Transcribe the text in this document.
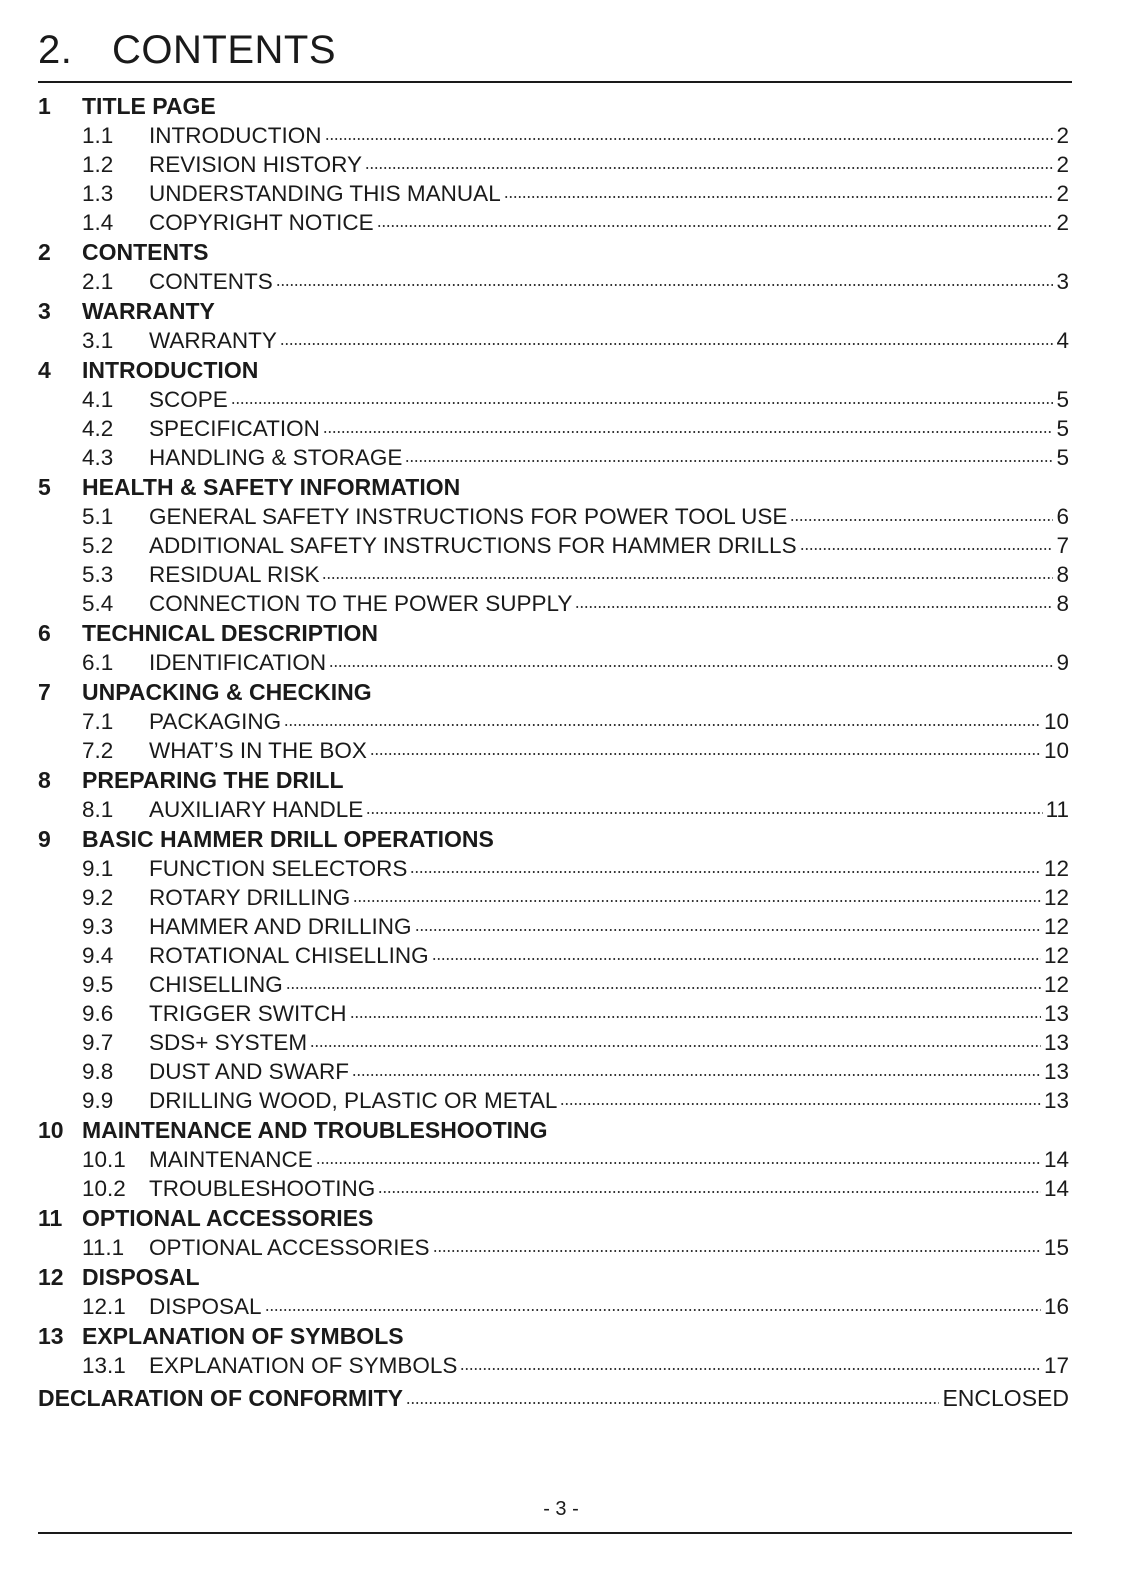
2. CONTENTS
1	TITLE PAGE
1.1	INTRODUCTION	2
1.2	REVISION HISTORY	2
1.3	UNDERSTANDING THIS MANUAL	2
1.4	COPYRIGHT NOTICE	2
2	CONTENTS
2.1	CONTENTS	3
3	WARRANTY
3.1	WARRANTY	4
4	INTRODUCTION
4.1	SCOPE	5
4.2	SPECIFICATION	5
4.3	HANDLING & STORAGE	5
5	HEALTH & SAFETY INFORMATION
5.1	GENERAL SAFETY INSTRUCTIONS FOR POWER TOOL USE	6
5.2	ADDITIONAL SAFETY INSTRUCTIONS FOR HAMMER DRILLS	7
5.3	RESIDUAL RISK	8
5.4	CONNECTION TO THE POWER SUPPLY	8
6	TECHNICAL DESCRIPTION
6.1	IDENTIFICATION	9
7	UNPACKING & CHECKING
7.1	PACKAGING	10
7.2	WHAT’S IN THE BOX	10
8	PREPARING THE DRILL
8.1	AUXILIARY HANDLE	11
9	BASIC HAMMER DRILL OPERATIONS
9.1	FUNCTION SELECTORS	12
9.2	ROTARY DRILLING	12
9.3	HAMMER AND DRILLING	12
9.4	ROTATIONAL CHISELLING	12
9.5	CHISELLING	12
9.6	TRIGGER SWITCH	13
9.7	SDS+ SYSTEM	13
9.8	DUST AND SWARF	13
9.9	DRILLING WOOD, PLASTIC OR METAL	13
10 MAINTENANCE AND TROUBLESHOOTING
10.1	MAINTENANCE	14
10.2	TROUBLESHOOTING	14
11 OPTIONAL ACCESSORIES
11.1	OPTIONAL ACCESSORIES	15
12 DISPOSAL
12.1	DISPOSAL	16
13 EXPLANATION OF SYMBOLS
13.1	EXPLANATION OF SYMBOLS	17
DECLARATION OF CONFORMITY	ENCLOSED
- 3 -
